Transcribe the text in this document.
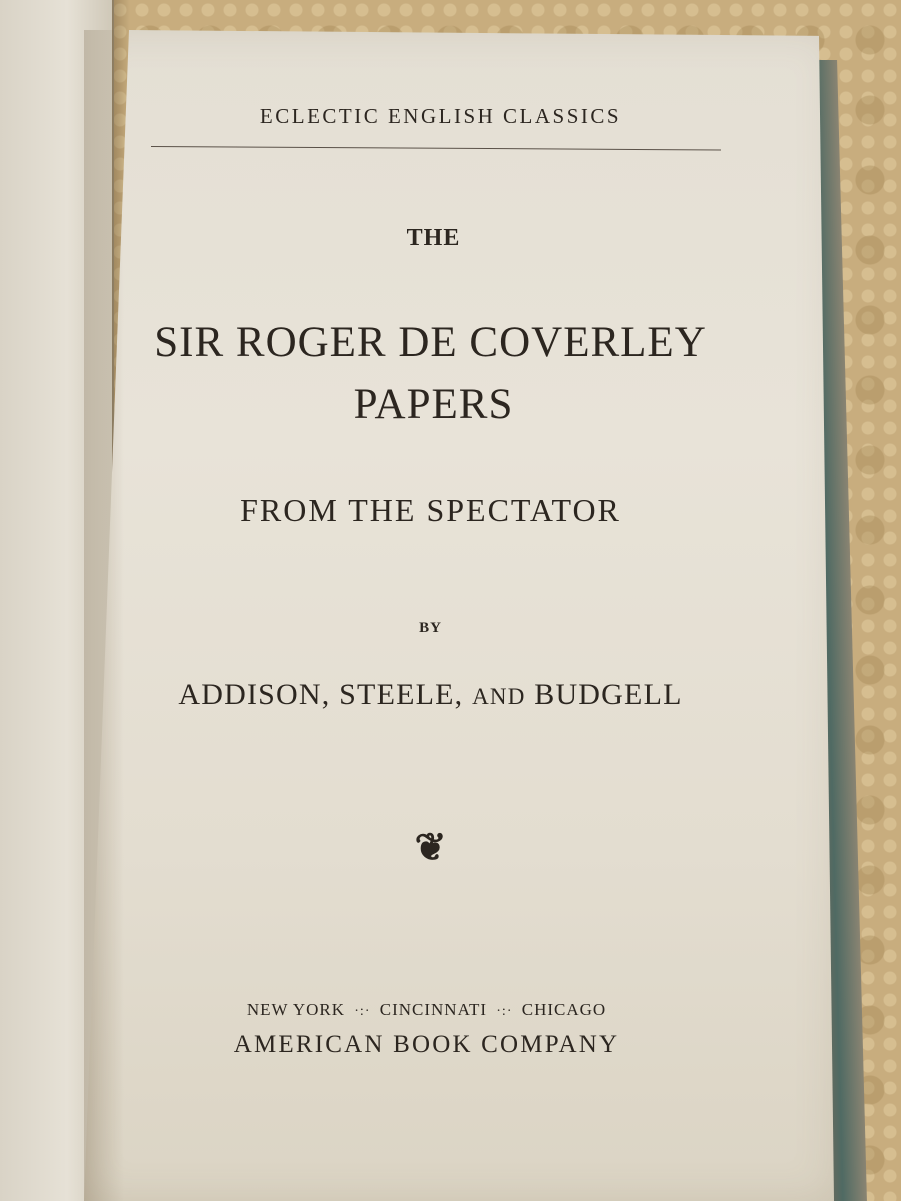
ECLECTIC ENGLISH CLASSICS
THE
SIR ROGER DE COVERLEY
PAPERS
FROM THE SPECTATOR
BY
ADDISON, STEELE, AND BUDGELL
❦
NEW YORK ·:· CINCINNATI ·:· CHICAGO
AMERICAN BOOK COMPANY
